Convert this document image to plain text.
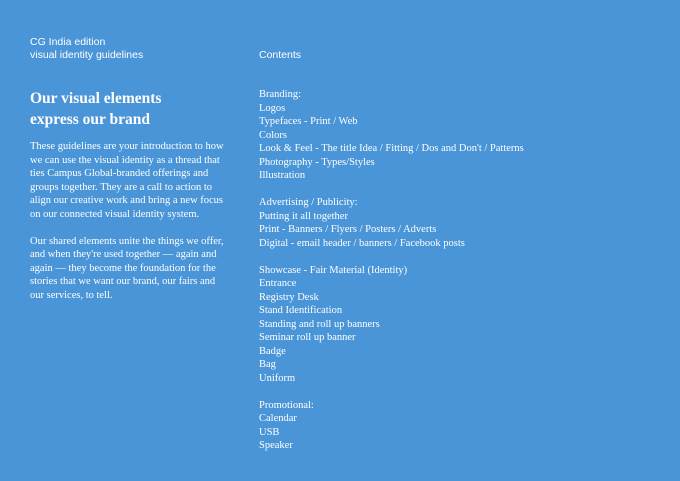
CG India edition
visual identity guidelines	Contents
Our visual elements
express our brand

These guidelines are your introduction to how we can use the visual identity as a thread that ties Campus Global-branded offerings and groups together. They are a call to action to align our creative work and bring a new focus on our connected visual identity system.

Our shared elements unite the things we offer, and when they're used together — again and again — they become the foundation for the stories that we want our brand, our fairs and our services, to tell.

Branding:
Logos
Typefaces - Print / Web
Colors
Look & Feel - The title Idea / Fitting / Dos and Don't / Patterns
Photography - Types/Styles
Illustration
Advertising / Publicity:
Putting it all together
Print - Banners / Flyers / Posters / Adverts
Digital - email header / banners / Facebook posts
Showcase - Fair Material (Identity)
Entrance
Registry Desk
Stand Identification
Standing and roll up banners
Seminar roll up banner
Badge
Bag
Uniform
Promotional:
Calendar
USB
Speaker
